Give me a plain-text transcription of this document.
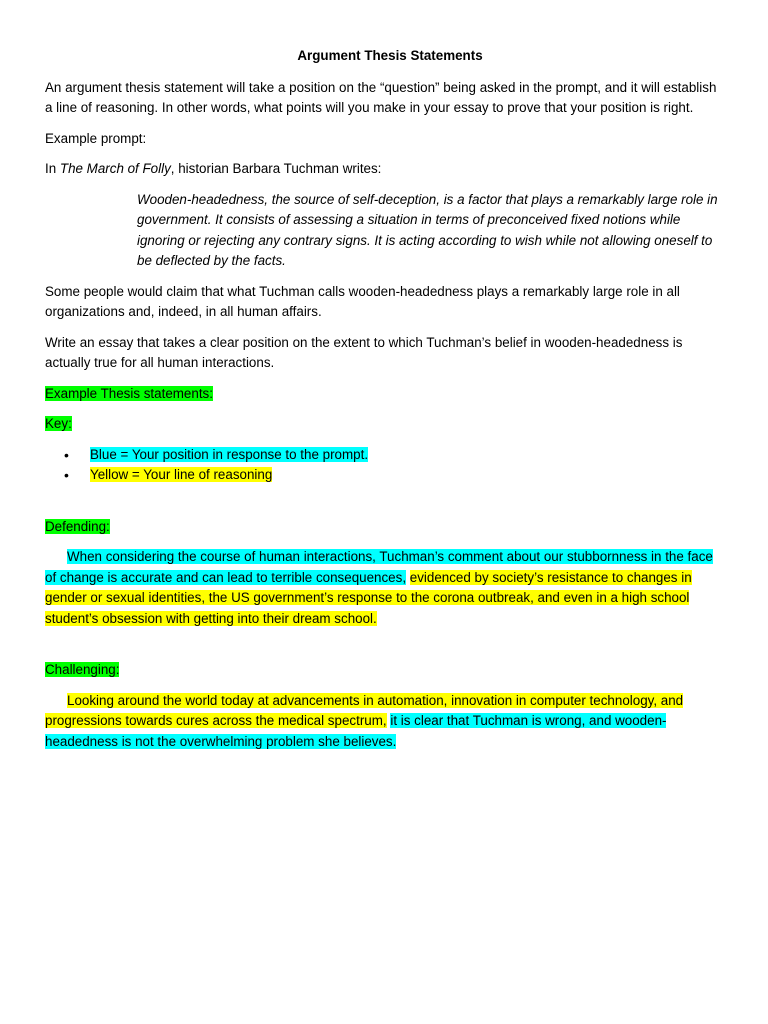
Argument Thesis Statements

An argument thesis statement will take a position on the “question” being asked in the prompt, and it will establish a line of reasoning. In other words, what points will you make in your essay to prove that your position is right.

Example prompt:

In The March of Folly, historian Barbara Tuchman writes:

Wooden-headedness, the source of self-deception, is a factor that plays a remarkably large role in government. It consists of assessing a situation in terms of preconceived fixed notions while ignoring or rejecting any contrary signs. It is acting according to wish while not allowing oneself to be deflected by the facts.

Some people would claim that what Tuchman calls wooden-headedness plays a remarkably large role in all organizations and, indeed, in all human affairs.

Write an essay that takes a clear position on the extent to which Tuchman’s belief in wooden-headedness is actually true for all human interactions.

Example Thesis statements:

Key:

• Blue = Your position in response to the prompt.
• Yellow = Your line of reasoning

Defending:

When considering the course of human interactions, Tuchman’s comment about our stubbornness in the face of change is accurate and can lead to terrible consequences, evidenced by society’s resistance to changes in gender or sexual identities, the US government’s response to the corona outbreak, and even in a high school student’s obsession with getting into their dream school.

Challenging:

Looking around the world today at advancements in automation, innovation in computer technology, and progressions towards cures across the medical spectrum, it is clear that Tuchman is wrong, and wooden-headedness is not the overwhelming problem she believes.
